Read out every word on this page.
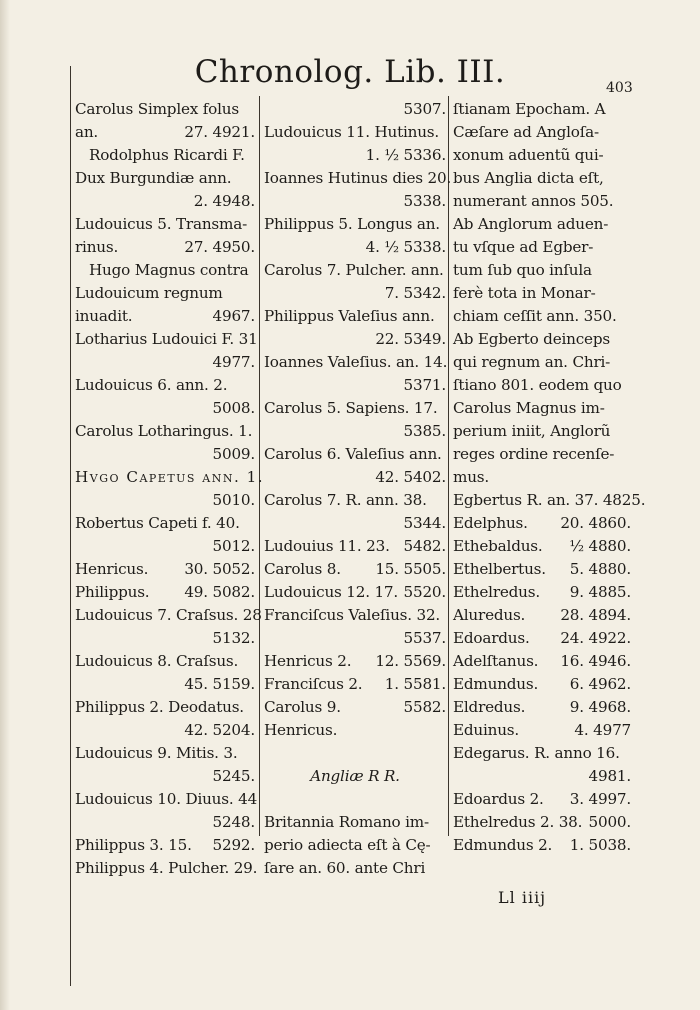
Chronolog. Lib. III.	403
Carolus Simplex folus
an.	27. 4921.
Rodolphus Ricardi F.
Dux Burgundiæ ann.
2. 4948.
Ludouicus 5. Transma-
rinus.	27. 4950.
Hugo Magnus contra
Ludouicum regnum
inuadit.	4967.
Lotharius Ludouici F. 31
4977.
Ludouicus 6. ann. 2.
5008.
Carolus Lotharingus. 1.
5009.
Hvgo Capetus ann. 1.
5010.
Robertus Capeti f. 40.
5012.
Henricus. 30. 5052.
Philippus. 49. 5082.
Ludouicus 7. Craſsus. 28
5132.
Ludouicus 8. Craſsus.
45. 5159.
Philippus 2. Deodatus.
42. 5204.
Ludouicus 9. Mitis. 3.
5245.
Ludouicus 10. Diuus. 44
5248.
Philippus 3. 15. 5292.
Philippus 4. Pulcher. 29.
5307.
Ludouicus 11. Hutinus.
1. ½ 5336.
Ioannes Hutinus dies 20.
5338.
Philippus 5. Longus an.
4. ½ 5338.
Carolus 7. Pulcher. ann.
7. 5342.
Philippus Valeſius ann.
22. 5349.
Ioannes Valeſius. an. 14.
5371.
Carolus 5. Sapiens. 17.
5385.
Carolus 6. Valeſius ann.
42. 5402.
Carolus 7. R. ann. 38.
5344.
Ludouius 11. 23. 5482.
Carolus 8. 15. 5505.
Ludouicus 12. 17. 5520.
Franciſcus Valeſius. 32.
5537.
Henricus 2. 12. 5569.
Franciſcus 2. 1. 5581.
Carolus 9.	5582.
Henricus.
Angliæ R R.
Britannia Romano im-
perio adiecta eſt à Cę-
ſare an. 60. ante Chri
ſtianam Epocham. A
Cæſare ad Angloſa-
xonum aduentũ qui-
bus Anglia dicta eſt,
numerant annos 505.
Ab Anglorum aduen-
tu vſque ad Egber-
tum ſub quo inſula
ferè tota in Monar-
chiam ceſſit ann. 350.
Ab Egberto deinceps
qui regnum an. Chri-
ſtiano 801. eodem quo
Carolus Magnus im-
perium iniit, Anglorũ
reges ordine recenſe-
mus.
Egbertus R. an. 37. 4825.
Edelphus. 20. 4860.
Ethebaldus. ½ 4880.
Ethelbertus. 5. 4880.
Ethelredus. 9. 4885.
Aluredus. 28. 4894.
Edoardus. 24. 4922.
Adelſtanus. 16. 4946.
Edmundus. 6. 4962.
Eldredus.	9. 4968.
Eduinus.	4. 4977
Edegarus. R. anno 16.
4981.
Edoardus 2. 3. 4997.
Ethelredus 2. 38. 5000.
Edmundus 2. 1. 5038.
Ll iiij
